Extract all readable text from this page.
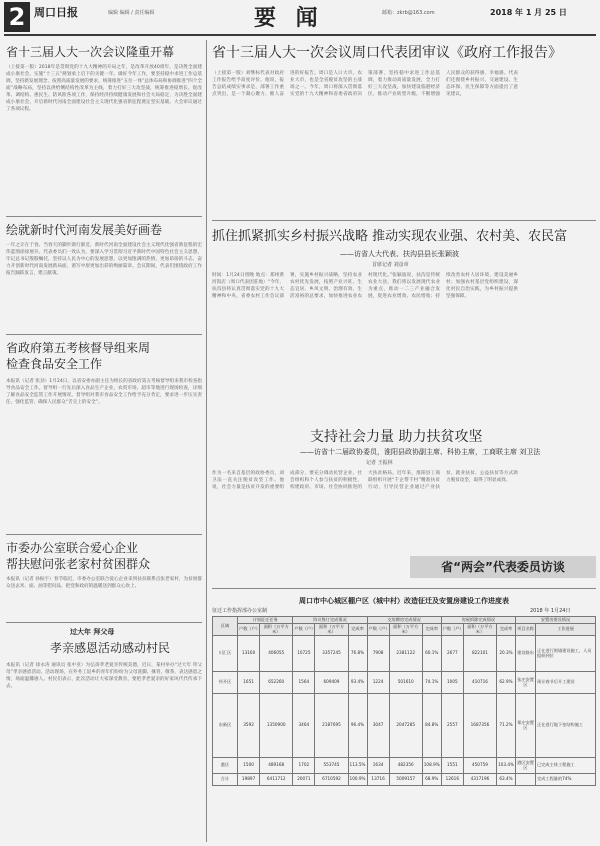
2 周口日报	编辑 编辑 / 责任编辑	要 闻	邮箱：zkrb@163.com	2018 年 1 月 25 日
省十三届人大一次会议隆重开幕
（上接第一版）2018年是贯彻党的十九大精神的开局之年，是改革开放40周年，是决胜全面建成小康社会、实施“十三五”规划承上启下的关键一年。做好今年工作，要坚持稳中求进工作总基调，坚持新发展理念，按照高质量发展的要求，统筹推进“五位一体”总体布局和协调推进“四个全面”战略布局，坚持以供给侧结构性改革为主线，着力打好三大攻坚战，统筹推进稳增长、促改革、调结构、惠民生、防风险各项工作，保持经济持续健康发展和社会大局稳定，为决胜全面建成小康社会、开启新时代河南全面建设社会主义现代化强省新征程奠定坚实基础。大会审议通过了各项议程。
绘就新时代河南发展美好画卷
一年之计在于春。当春天的脚步渐行渐近，新时代河南全面建设社会主义现代化强省新征程的宏伟蓝图徐徐展开。代表委员们一致认为，要深入学习贯彻习近平新时代中国特色社会主义思想，牢记总书记殷殷嘱托，坚持以人民为中心的发展思想，以更加饱满的热情、更加昂扬的斗志，奋力开创新时代河南发展新局面，谱写中原更加出彩的绚丽篇章。会议期间，代表们围绕政府工作报告踊跃发言，建言献策。
省政府第五考核督导组来周
检查食品安全工作
本报讯（记者 张劲）1月24日，以省安委办副主任为组长的省政府第五考核督导组来我市检查指导食品安全工作。督导组一行先后深入食品生产企业、农贸市场、超市等地进行现场检查，详细了解食品安全监管工作开展情况。督导组对我市食品安全工作给予充分肯定，要求进一步压实责任，强化监管，确保人民群众“舌尖上的安全”。
市委办公室联合爱心企业
帮扶慰问张老家村贫困群众
本报讯（记者 孙振宇）春节临近，市委办公室联合爱心企业来到扶贫联系点张老家村，为贫困群众送去米、面、油等慰问品，把党和政府的温暖送到群众心坎上。
过大年 拜父母
孝亲感恩活动感动村民
本报讯（记者 徐永涛 通讯员 张中亚）为弘扬孝老爱亲传统美德，近日，某村举办“过大年 拜父母”孝亲感恩活动。活动现场，在外务工返乡的青年们纷纷为父母洗脚、捶背、敬茶，表达感恩之情，场面温馨感人。村民们表示，此次活动让大家深受教育，要把孝老爱亲的好家风代代传承下去。
省十三届人大一次会议周口代表团审议《政府工作报告》
（上接第一版）刘继标代表对政府工作报告给予高度评价。他说，报告总结成绩实事求是，部署工作重点突出，是一个凝心聚力、催人奋进的好报告。周口是人口大市、农业大市，也是全省脱贫攻坚的主战场之一。今年，周口将深入贯彻落实党的十九大精神和省委省政府决策部署，坚持稳中求进工作总基调，着力推动高质量发展，全力打好三大攻坚战，加快建设临港经济区，推动产业转型升级，不断增强人民群众的获得感、幸福感。代表们还围绕乡村振兴、交通建设、生态环保、民生保障等方面提出了意见建议。
抓住抓紧抓实乡村振兴战略 推动实现农业强、农村美、农民富
——访省人大代表、扶沟县县长张颖波
首席记者 刘彦章
时间：1月24日傍晚 地点：郑州黄河饭店（周口代表团驻地）“今年，扶沟县将认真贯彻落实党的十九大精神和中央、省委农村工作会议部署，实施乡村振兴战略，坚持农业农村优先发展，按照产业兴旺、生态宜居、乡风文明、治理有效、生活富裕的总要求，加快推进农业农村现代化。”张颖波说，扶沟是传统农业大县，我们将以发展现代农业为重点，推动一二三产业融合发展，促进农业增效、农民增收；持续改善农村人居环境，建设美丽乡村；加强农村基层党组织建设，深化村民自治实践，为乡村振兴提供坚强保障。
支持社会力量 助力扶贫攻坚
——访省十二届政协委员，淮阳县政协副主席、科协主席，工商联主席 刘卫法
记者 王振林
作为一名来自基层的政协委员，刘卫法一直关注脱贫攻坚工作。他说，社会力量是扶贫开发的重要组成部分，要充分调动民营企业、社会组织和个人参与扶贫的积极性，构建政府、市场、社会协同推进的大扶贫格局。近年来，淮阳县工商联组织开展“千企帮千村”精准扶贫行动，引导民营企业通过产业扶贫、就业扶贫、公益扶贫等方式助力脱贫攻坚，取得了明显成效。
省“两会”代表委员访谈
周口市中心城区棚户区（城中村）改造征迁及安置房建设工作进度表
征迁工作指挥部办公室制	2018 年 1月24日
区域	计划征迁任务		协议签订完成情况			交房腾房完成情况			房屋拆除完成情况			安置房建设情况	
	户数（户）	面积（万平方米）	户数（户）	面积（万平方米）	完成率	户数（户）	面积（万平方米）	完成率	户数（户）	面积（万平方米）	完成率	项目名称	工作进展
川汇区	13160	406055	10725	3357245	76.8%	7908	2381122	60.1%	2677	822101	20.3%	建设路东	正在进行围墙建设施工，人员组织到位
经开区	1651	652260	1564	609409	93.4%	1224	501610	74.1%	1005	410716	62.9%	张庄安置区	预计春节后开工建设
东新区	3592	1350900	3464	2187695	96.4%	3047	2047285	84.8%	2557	1687356	71.2%	郑庄安置区	正在进行地下室结构施工
港区	1500	489168	1702	553745	113.5%	1634	482356	108.9%	1551	450759	103.4%	港区安置区	已完成主体工程施工
合计	19897	6411712	20071	6710592	100.9%	13716	5009157	68.9%	12616	4317196	63.4%		完成工程量的74%
